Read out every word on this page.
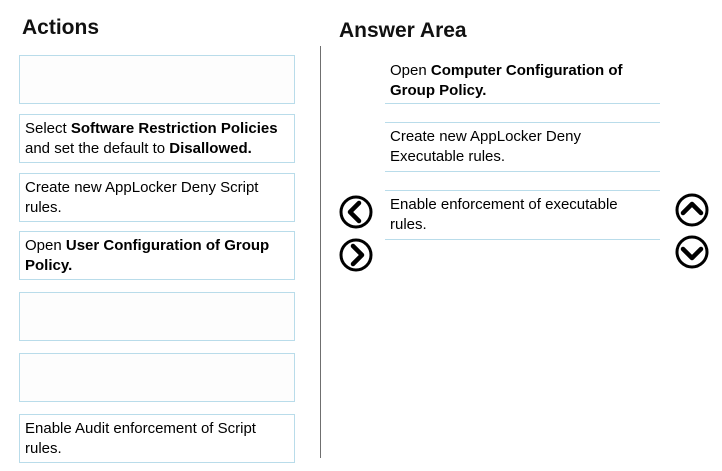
Actions	Answer Area
Select Software Restriction Policies and set the default to Disallowed.
Create new AppLocker Deny Script rules.
Open User Configuration of Group Policy.
Enable Audit enforcement of Script rules.
Open Computer Configuration of Group Policy.
Create new AppLocker Deny Executable rules.
Enable enforcement of executable rules.
